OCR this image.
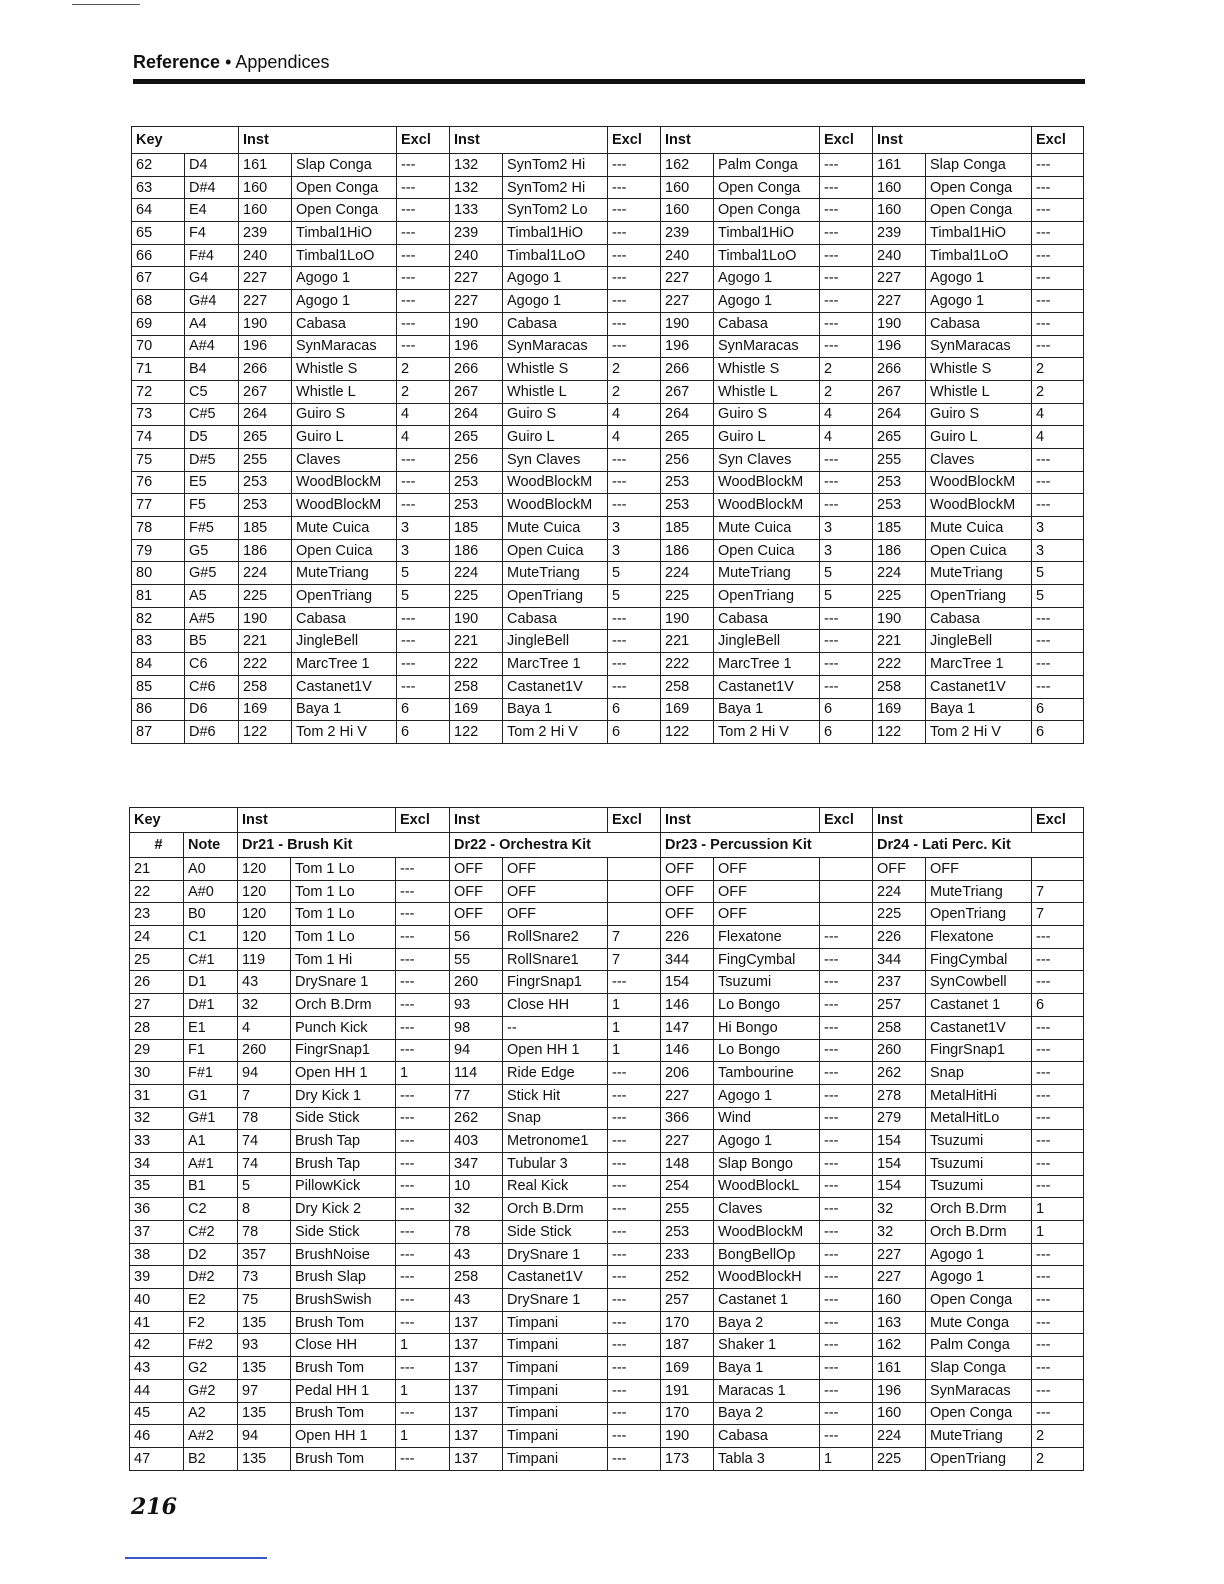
Reference • Appendices
Key		Inst		Excl	Inst		Excl	Inst		Excl	Inst		Excl
62	D4	161	Slap Conga	---	132	SynTom2 Hi	---	162	Palm Conga	---	161	Slap Conga	---
63	D#4	160	Open Conga	---	132	SynTom2 Hi	---	160	Open Conga	---	160	Open Conga	---
64	E4	160	Open Conga	---	133	SynTom2 Lo	---	160	Open Conga	---	160	Open Conga	---
65	F4	239	Timbal1HiO	---	239	Timbal1HiO	---	239	Timbal1HiO	---	239	Timbal1HiO	---
66	F#4	240	Timbal1LoO	---	240	Timbal1LoO	---	240	Timbal1LoO	---	240	Timbal1LoO	---
67	G4	227	Agogo 1	---	227	Agogo 1	---	227	Agogo 1	---	227	Agogo 1	---
68	G#4	227	Agogo 1	---	227	Agogo 1	---	227	Agogo 1	---	227	Agogo 1	---
69	A4	190	Cabasa	---	190	Cabasa	---	190	Cabasa	---	190	Cabasa	---
70	A#4	196	SynMaracas	---	196	SynMaracas	---	196	SynMaracas	---	196	SynMaracas	---
71	B4	266	Whistle S	2	266	Whistle S	2	266	Whistle S	2	266	Whistle S	2
72	C5	267	Whistle L	2	267	Whistle L	2	267	Whistle L	2	267	Whistle L	2
73	C#5	264	Guiro S	4	264	Guiro S	4	264	Guiro S	4	264	Guiro S	4
74	D5	265	Guiro L	4	265	Guiro L	4	265	Guiro L	4	265	Guiro L	4
75	D#5	255	Claves	---	256	Syn Claves	---	256	Syn Claves	---	255	Claves	---
76	E5	253	WoodBlockM	---	253	WoodBlockM	---	253	WoodBlockM	---	253	WoodBlockM	---
77	F5	253	WoodBlockM	---	253	WoodBlockM	---	253	WoodBlockM	---	253	WoodBlockM	---
78	F#5	185	Mute Cuica	3	185	Mute Cuica	3	185	Mute Cuica	3	185	Mute Cuica	3
79	G5	186	Open Cuica	3	186	Open Cuica	3	186	Open Cuica	3	186	Open Cuica	3
80	G#5	224	MuteTriang	5	224	MuteTriang	5	224	MuteTriang	5	224	MuteTriang	5
81	A5	225	OpenTriang	5	225	OpenTriang	5	225	OpenTriang	5	225	OpenTriang	5
82	A#5	190	Cabasa	---	190	Cabasa	---	190	Cabasa	---	190	Cabasa	---
83	B5	221	JingleBell	---	221	JingleBell	---	221	JingleBell	---	221	JingleBell	---
84	C6	222	MarcTree 1	---	222	MarcTree 1	---	222	MarcTree 1	---	222	MarcTree 1	---
85	C#6	258	Castanet1V	---	258	Castanet1V	---	258	Castanet1V	---	258	Castanet1V	---
86	D6	169	Baya 1	6	169	Baya 1	6	169	Baya 1	6	169	Baya 1	6
87	D#6	122	Tom 2 Hi V	6	122	Tom 2 Hi V	6	122	Tom 2 Hi V	6	122	Tom 2 Hi V	6
Key		Inst		Excl	Inst		Excl	Inst		Excl	Inst		Excl
#	Note	Dr21 - Brush Kit			Dr22 - Orchestra Kit			Dr23 - Percussion Kit			Dr24 - Lati Perc. Kit		
21	A0	120	Tom 1 Lo	---	OFF	OFF		OFF	OFF		OFF	OFF	
22	A#0	120	Tom 1 Lo	---	OFF	OFF		OFF	OFF		224	MuteTriang	7
23	B0	120	Tom 1 Lo	---	OFF	OFF		OFF	OFF		225	OpenTriang	7
24	C1	120	Tom 1 Lo	---	56	RollSnare2	7	226	Flexatone	---	226	Flexatone	---
25	C#1	119	Tom 1 Hi	---	55	RollSnare1	7	344	FingCymbal	---	344	FingCymbal	---
26	D1	43	DrySnare 1	---	260	FingrSnap1	---	154	Tsuzumi	---	237	SynCowbell	---
27	D#1	32	Orch B.Drm	---	93	Close HH	1	146	Lo Bongo	---	257	Castanet 1	6
28	E1	4	Punch Kick	---	98	--	1	147	Hi Bongo	---	258	Castanet1V	---
29	F1	260	FingrSnap1	---	94	Open HH 1	1	146	Lo Bongo	---	260	FingrSnap1	---
30	F#1	94	Open HH 1	1	114	Ride Edge	---	206	Tambourine	---	262	Snap	---
31	G1	7	Dry Kick 1	---	77	Stick Hit	---	227	Agogo 1	---	278	MetalHitHi	---
32	G#1	78	Side Stick	---	262	Snap	---	366	Wind	---	279	MetalHitLo	---
33	A1	74	Brush Tap	---	403	Metronome1	---	227	Agogo 1	---	154	Tsuzumi	---
34	A#1	74	Brush Tap	---	347	Tubular 3	---	148	Slap Bongo	---	154	Tsuzumi	---
35	B1	5	PillowKick	---	10	Real Kick	---	254	WoodBlockL	---	154	Tsuzumi	---
36	C2	8	Dry Kick 2	---	32	Orch B.Drm	---	255	Claves	---	32	Orch B.Drm	1
37	C#2	78	Side Stick	---	78	Side Stick	---	253	WoodBlockM	---	32	Orch B.Drm	1
38	D2	357	BrushNoise	---	43	DrySnare 1	---	233	BongBellOp	---	227	Agogo 1	---
39	D#2	73	Brush Slap	---	258	Castanet1V	---	252	WoodBlockH	---	227	Agogo 1	---
40	E2	75	BrushSwish	---	43	DrySnare 1	---	257	Castanet 1	---	160	Open Conga	---
41	F2	135	Brush Tom	---	137	Timpani	---	170	Baya 2	---	163	Mute Conga	---
42	F#2	93	Close HH	1	137	Timpani	---	187	Shaker 1	---	162	Palm Conga	---
43	G2	135	Brush Tom	---	137	Timpani	---	169	Baya 1	---	161	Slap Conga	---
44	G#2	97	Pedal HH 1	1	137	Timpani	---	191	Maracas 1	---	196	SynMaracas	---
45	A2	135	Brush Tom	---	137	Timpani	---	170	Baya 2	---	160	Open Conga	---
46	A#2	94	Open HH 1	1	137	Timpani	---	190	Cabasa	---	224	MuteTriang	2
47	B2	135	Brush Tom	---	137	Timpani	---	173	Tabla 3	1	225	OpenTriang	2
216
